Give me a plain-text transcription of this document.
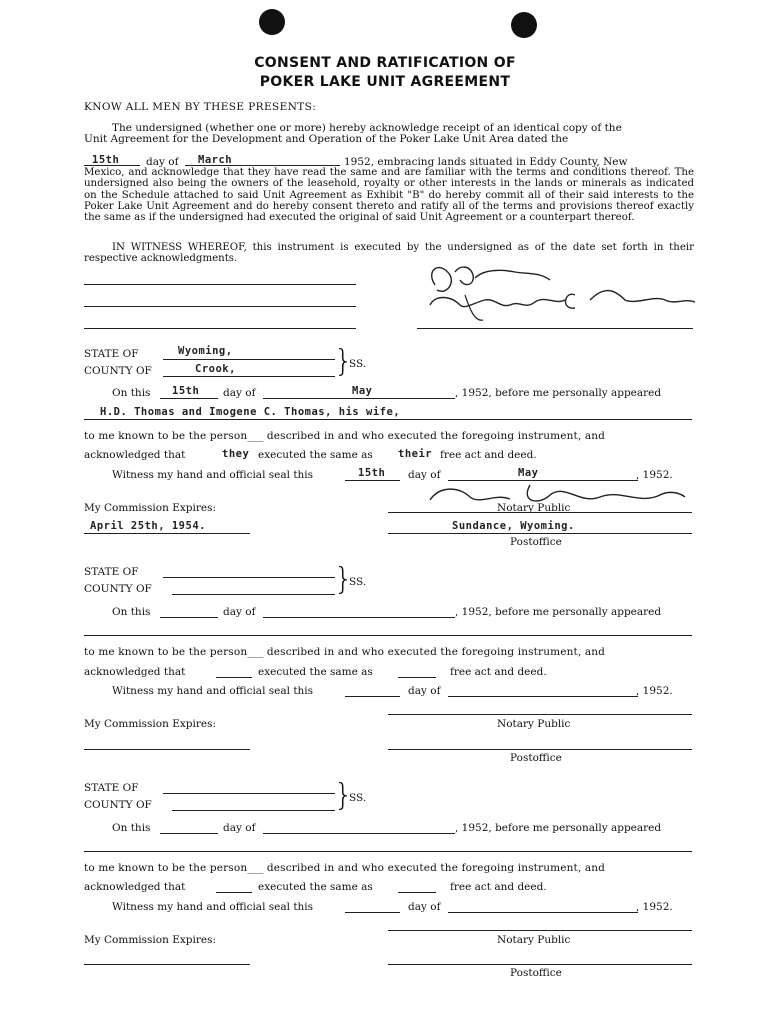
CONSENT AND RATIFICATION OF
POKER LAKE UNIT AGREEMENT
KNOW ALL MEN BY THESE PRESENTS:
The undersigned (whether one or more) hereby acknowledge receipt of an identical copy of the
Unit Agreement for the Development and Operation of the Poker Lake Unit Area dated the
15th	day of March	1952, embracing lands situated in Eddy County, New
Mexico, and acknowledge that they have read the same and are familiar with the terms and conditions thereof. The undersigned also being the owners of the leasehold, royalty or other interests in the lands or minerals as indicated on the Schedule attached to said Unit Agreement as Exhibit "B" do hereby commit all of their said interests to the Poker Lake Unit Agreement and do hereby consent thereto and ratify all of the terms and provisions thereof exactly the same as if the undersigned had executed the original of said Unit Agreement or a counterpart thereof.
IN WITNESS WHEREOF, this instrument is executed by the undersigned as of the date set forth in their respective acknowledgments.
STATE OF	Wyoming,
COUNTY OF	Crook,	}
SS.
On this 15th day of	May	, 1952, before me personally appeared
H.D. Thomas and Imogene C. Thomas, his wife,
to me known to be the person___ described in and who executed the foregoing instrument, and
acknowledged that	they executed the same as their free act and deed.
Witness my hand and official seal this	15th day of	May	, 1952.
My Commission Expires:	Notary Public
April 25th, 1954.	Sundance, Wyoming.
Postoffice
STATE OF
COUNTY OF	}
SS.
On this	day of	, 1952, before me personally appeared
to me known to be the person___ described in and who executed the foregoing instrument, and
acknowledged that	executed the same as	free act and deed.
Witness my hand and official seal this	day of	, 1952.
My Commission Expires:	Notary Public
Postoffice
STATE OF
COUNTY OF	}
SS.
On this	day of	, 1952, before me personally appeared
to me known to be the person___ described in and who executed the foregoing instrument, and
acknowledged that	executed the same as	free act and deed.
Witness my hand and official seal this	day of	, 1952.
My Commission Expires:	Notary Public
Postoffice
